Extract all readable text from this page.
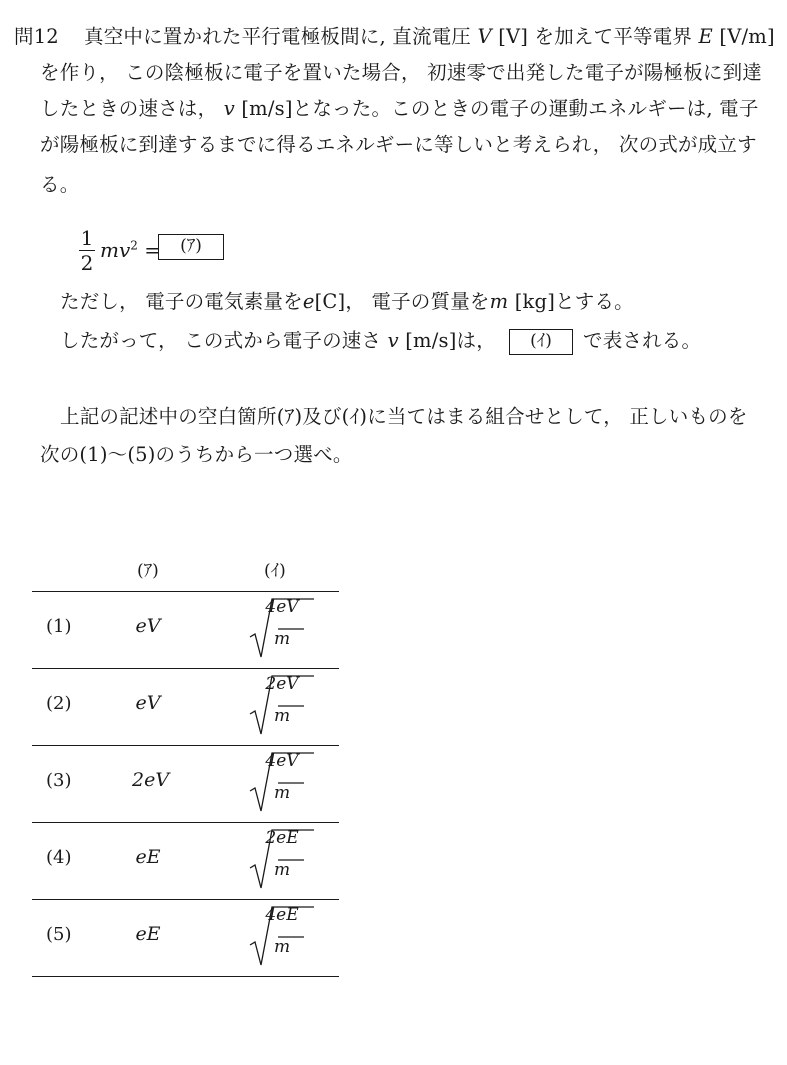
問12 真空中に置かれた平行電極板間に, 直流電圧 V [V] を加えて平等電界 E [V/m]
を作り， この陰極板に電子を置いた場合， 初速零で出発した電子が陽極板に到達
したときの速さは， v [m/s]となった。このときの電子の運動エネルギーは, 電子
が陽極板に到達するまでに得るエネルギーに等しいと考えられ， 次の式が成立す
る。
1
2
$mv^2$ =	(ｱ)
ただし， 電子の電気素量をe[C]， 電子の質量をm [kg]とする。
したがって， この式から電子の速さ v [m/s]は，	(ｲ)	で表される。
上記の記述中の空白箇所(ｱ)及び(ｲ)に当てはまる組合せとして， 正しいものを
次の(1)～(5)のうちから一つ選べ。
(ｱ)	(ｲ)
(1)	eV
4eV
m
(2)	eV
2eV
m
(3)	2eV
4eV
m
(4)	eE
2eE
m
(5)	eE
4eE
m
